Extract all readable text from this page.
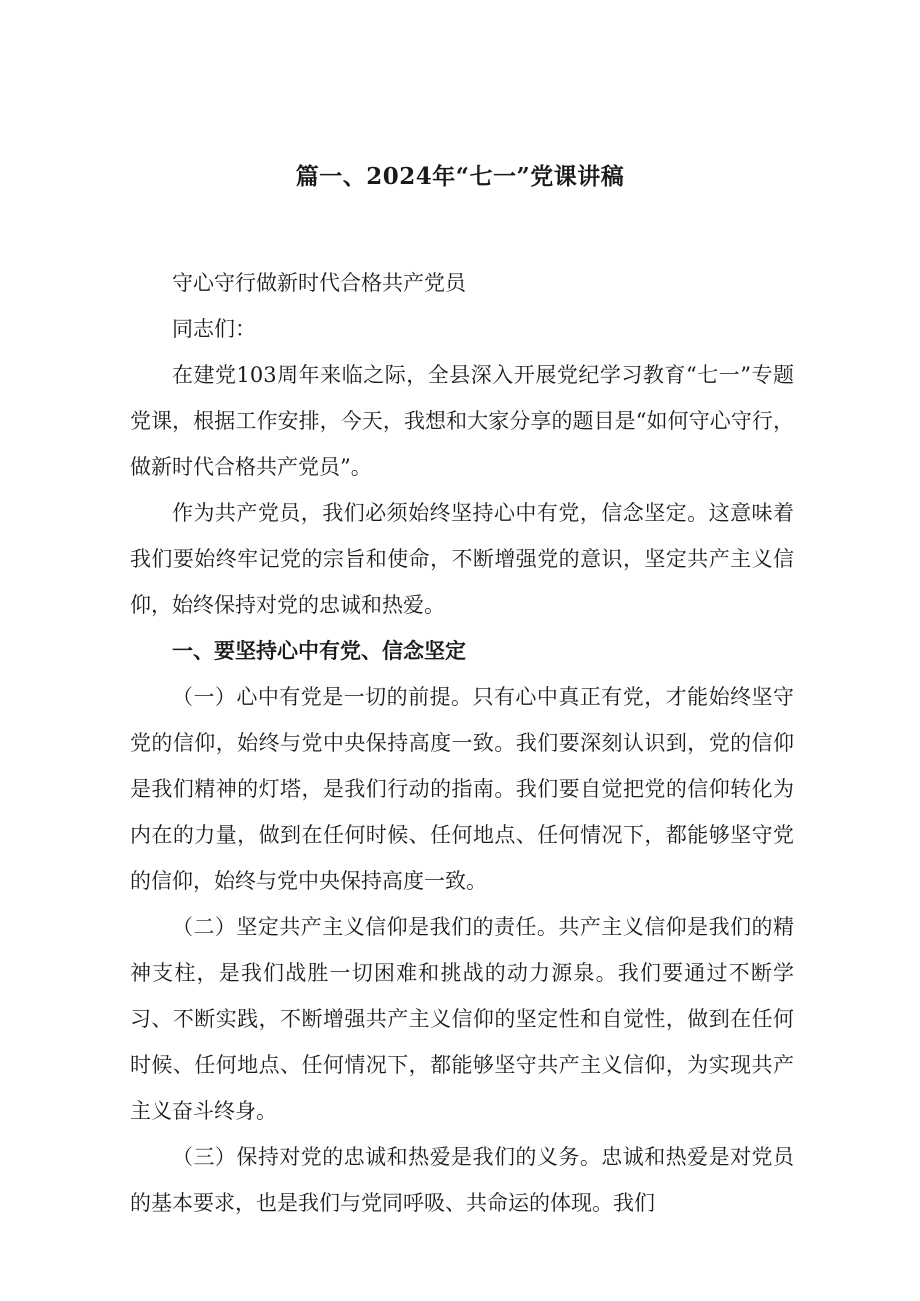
篇一、2024年“七一”党课讲稿

守心守行做新时代合格共产党员

同志们：

在建党103周年来临之际，全县深入开展党纪学习教育“七一”专题党课，根据工作安排，今天，我想和大家分享的题目是“如何守心守行，做新时代合格共产党员”。

作为共产党员，我们必须始终坚持心中有党，信念坚定。这意味着我们要始终牢记党的宗旨和使命，不断增强党的意识，坚定共产主义信仰，始终保持对党的忠诚和热爱。

一、要坚持心中有党、信念坚定

（一）心中有党是一切的前提。只有心中真正有党，才能始终坚守党的信仰，始终与党中央保持高度一致。我们要深刻认识到，党的信仰是我们精神的灯塔，是我们行动的指南。我们要自觉把党的信仰转化为内在的力量，做到在任何时候、任何地点、任何情况下，都能够坚守党的信仰，始终与党中央保持高度一致。

（二）坚定共产主义信仰是我们的责任。共产主义信仰是我们的精神支柱，是我们战胜一切困难和挑战的动力源泉。我们要通过不断学习、不断实践，不断增强共产主义信仰的坚定性和自觉性，做到在任何时候、任何地点、任何情况下，都能够坚守共产主义信仰，为实现共产主义奋斗终身。

（三）保持对党的忠诚和热爱是我们的义务。忠诚和热爱是对党员的基本要求，也是我们与党同呼吸、共命运的体现。我们
